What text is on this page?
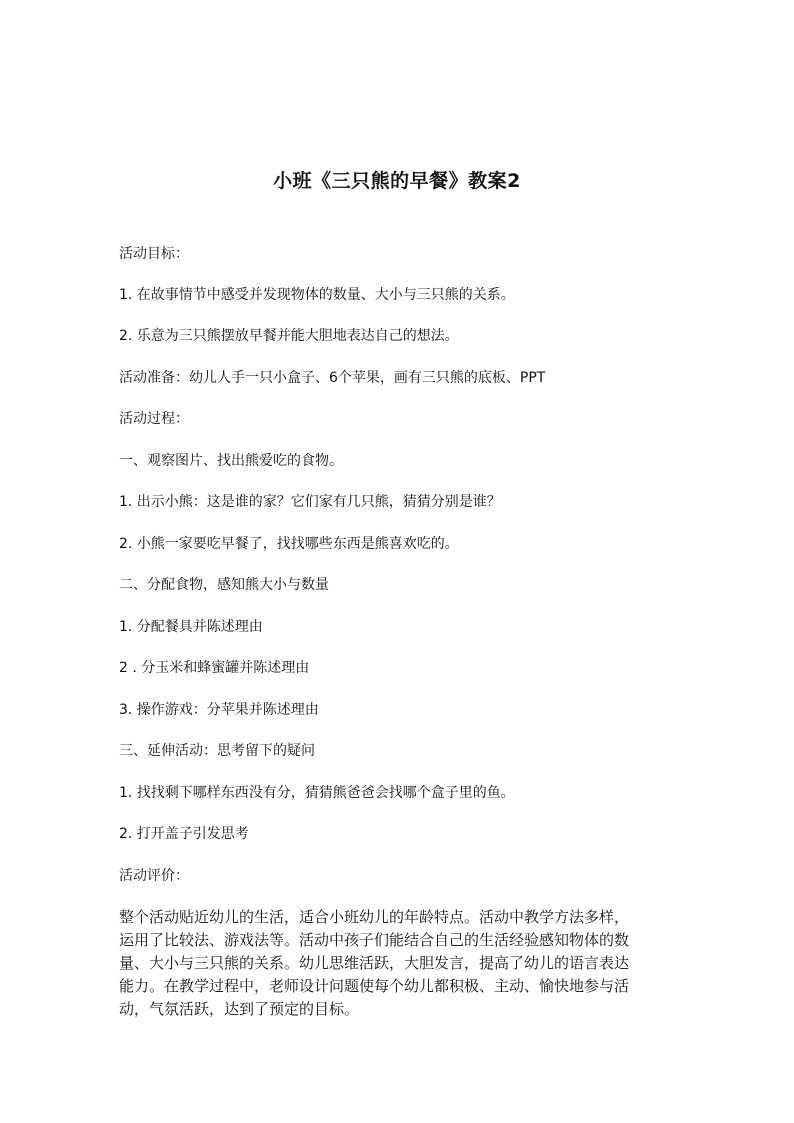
小班《三只熊的早餐》教案2
活动目标：
1. 在故事情节中感受并发现物体的数量、大小与三只熊的关系。
2. 乐意为三只熊摆放早餐并能大胆地表达自己的想法。
活动准备：幼儿人手一只小盒子、6个苹果，画有三只熊的底板、PPT
活动过程：
一、观察图片、找出熊爱吃的食物。
1. 出示小熊：这是谁的家？它们家有几只熊，猜猜分别是谁？
2. 小熊一家要吃早餐了，找找哪些东西是熊喜欢吃的。
二、分配食物，感知熊大小与数量
1. 分配餐具并陈述理由
2 . 分玉米和蜂蜜罐并陈述理由
3. 操作游戏：分苹果并陈述理由
三、延伸活动：思考留下的疑问
1. 找找剩下哪样东西没有分，猜猜熊爸爸会找哪个盒子里的鱼。
2. 打开盖子引发思考
活动评价：
整个活动贴近幼儿的生活，适合小班幼儿的年龄特点。活动中教学方法多样，
运用了比较法、游戏法等。活动中孩子们能结合自己的生活经验感知物体的数
量、大小与三只熊的关系。幼儿思维活跃，大胆发言，提高了幼儿的语言表达
能力。在教学过程中，老师设计问题使每个幼儿都积极、主动、愉快地参与活
动，气氛活跃，达到了预定的目标。
